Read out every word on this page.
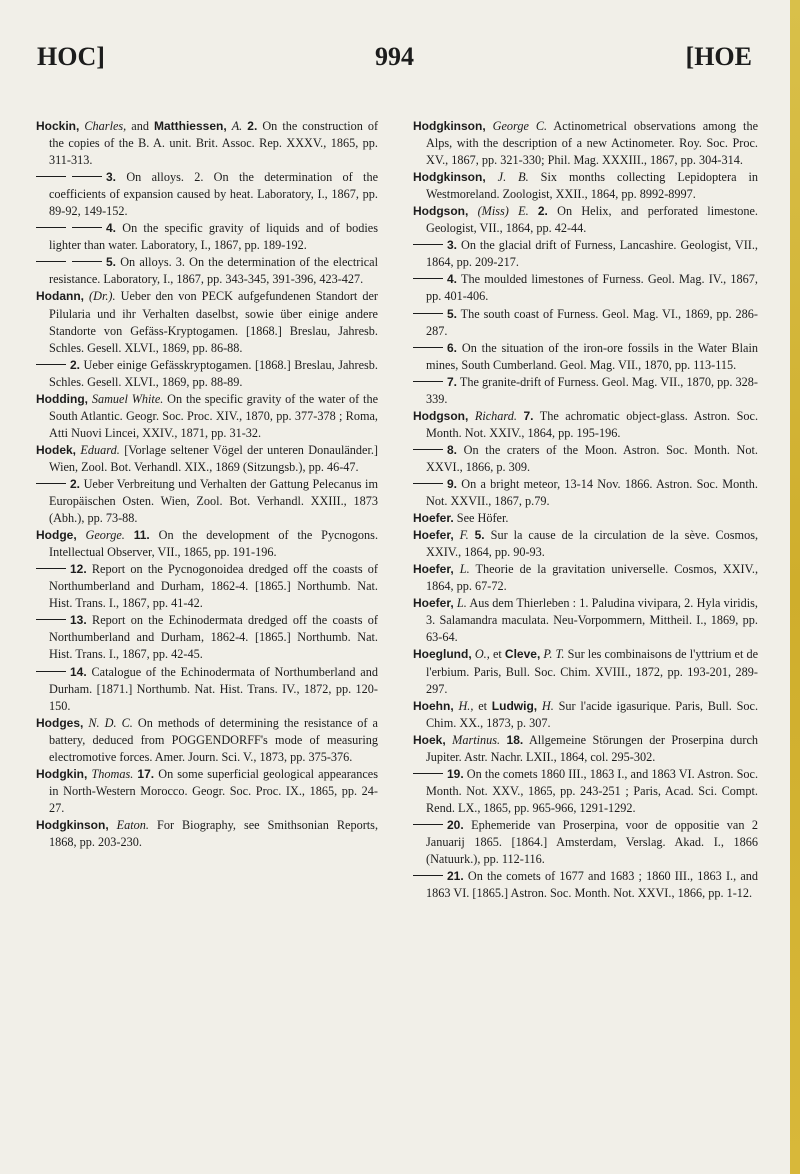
HOC]	994	[HOE

Hockin, Charles, and Matthiessen, A. 2. On the construction of the copies of the B. A. unit. Brit. Assoc. Rep. XXXV., 1865, pp. 311-313.

3. On alloys. 2. On the determination of the coefficients of expansion caused by heat. Laboratory, I., 1867, pp. 89-92, 149-152.

4. On the specific gravity of liquids and of bodies lighter than water. Laboratory, I., 1867, pp. 189-192.

5. On alloys. 3. On the determination of the electrical resistance. Laboratory, I., 1867, pp. 343-345, 391-396, 423-427.

Hodann, (Dr.). Ueber den von PECK aufgefundenen Standort der Pilularia und ihr Verhalten daselbst, sowie über einige andere Standorte von Gefäss-Kryptogamen. [1868.] Breslau, Jahresb. Schles. Gesell. XLVI., 1869, pp. 86-88.

2. Ueber einige Gefässkryptogamen. [1868.] Breslau, Jahresb. Schles. Gesell. XLVI., 1869, pp. 88-89.

Hodding, Samuel White. On the specific gravity of the water of the South Atlantic. Geogr. Soc. Proc. XIV., 1870, pp. 377-378 ; Roma, Atti Nuovi Lincei, XXIV., 1871, pp. 31-32.

Hodek, Eduard. [Vorlage seltener Vögel der unteren Donauländer.] Wien, Zool. Bot. Verhandl. XIX., 1869 (Sitzungsb.), pp. 46-47.

2. Ueber Verbreitung und Verhalten der Gattung Pelecanus im Europäischen Osten. Wien, Zool. Bot. Verhandl. XXIII., 1873 (Abh.), pp. 73-88.

Hodge, George. 11. On the development of the Pycnogons. Intellectual Observer, VII., 1865, pp. 191-196.

12. Report on the Pycnogonoidea dredged off the coasts of Northumberland and Durham, 1862-4. [1865.] Northumb. Nat. Hist. Trans. I., 1867, pp. 41-42.

13. Report on the Echinodermata dredged off the coasts of Northumberland and Durham, 1862-4. [1865.] Northumb. Nat. Hist. Trans. I., 1867, pp. 42-45.

14. Catalogue of the Echinodermata of Northumberland and Durham. [1871.] Northumb. Nat. Hist. Trans. IV., 1872, pp. 120-150.

Hodges, N. D. C. On methods of determining the resistance of a battery, deduced from POGGENDORFF's mode of measuring electromotive forces. Amer. Journ. Sci. V., 1873, pp. 375-376.

Hodgkin, Thomas. 17. On some superficial geological appearances in North-Western Morocco. Geogr. Soc. Proc. IX., 1865, pp. 24-27.

Hodgkinson, Eaton. For Biography, see Smithsonian Reports, 1868, pp. 203-230.

Hodgkinson, George C. Actinometrical observations among the Alps, with the description of a new Actinometer. Roy. Soc. Proc. XV., 1867, pp. 321-330; Phil. Mag. XXXIII., 1867, pp. 304-314.

Hodgkinson, J. B. Six months collecting Lepidoptera in Westmoreland. Zoologist, XXII., 1864, pp. 8992-8997.

Hodgson, (Miss) E. 2. On Helix, and perforated limestone. Geologist, VII., 1864, pp. 42-44.

3. On the glacial drift of Furness, Lancashire. Geologist, VII., 1864, pp. 209-217.

4. The moulded limestones of Furness. Geol. Mag. IV., 1867, pp. 401-406.

5. The south coast of Furness. Geol. Mag. VI., 1869, pp. 286-287.

6. On the situation of the iron-ore fossils in the Water Blain mines, South Cumberland. Geol. Mag. VII., 1870, pp. 113-115.

7. The granite-drift of Furness. Geol. Mag. VII., 1870, pp. 328-339.

Hodgson, Richard. 7. The achromatic object-glass. Astron. Soc. Month. Not. XXIV., 1864, pp. 195-196.

8. On the craters of the Moon. Astron. Soc. Month. Not. XXVI., 1866, p. 309.

9. On a bright meteor, 13-14 Nov. 1866. Astron. Soc. Month. Not. XXVII., 1867, p.79.

Hoefer. See Höfer.

Hoefer, F. 5. Sur la cause de la circulation de la sève. Cosmos, XXIV., 1864, pp. 90-93.

Hoefer, L. Theorie de la gravitation universelle. Cosmos, XXIV., 1864, pp. 67-72.

Hoefer, L. Aus dem Thierleben : 1. Paludina vivipara, 2. Hyla viridis, 3. Salamandra maculata. Neu-Vorpommern, Mittheil. I., 1869, pp. 63-64.

Hoeglund, O., et Cleve, P. T. Sur les combinaisons de l'yttrium et de l'erbium. Paris, Bull. Soc. Chim. XVIII., 1872, pp. 193-201, 289-297.

Hoehn, H., et Ludwig, H. Sur l'acide igasurique. Paris, Bull. Soc. Chim. XX., 1873, p. 307.

Hoek, Martinus. 18. Allgemeine Störungen der Proserpina durch Jupiter. Astr. Nachr. LXII., 1864, col. 295-302.

19. On the comets 1860 III., 1863 I., and 1863 VI. Astron. Soc. Month. Not. XXV., 1865, pp. 243-251 ; Paris, Acad. Sci. Compt. Rend. LX., 1865, pp. 965-966, 1291-1292.

20. Ephemeride van Proserpina, voor de oppositie van 2 Januarij 1865. [1864.] Amsterdam, Verslag. Akad. I., 1866 (Natuurk.), pp. 112-116.

21. On the comets of 1677 and 1683 ; 1860 III., 1863 I., and 1863 VI. [1865.] Astron. Soc. Month. Not. XXVI., 1866, pp. 1-12.
